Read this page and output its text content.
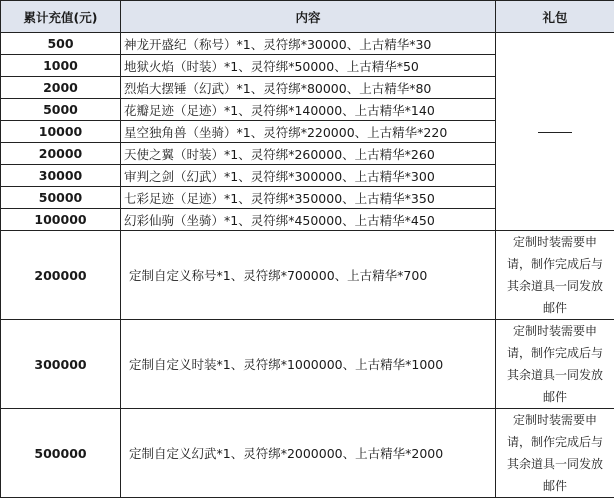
累计充值(元)	内容	礼包
500	神龙开盛纪（称号）*1、灵符绑*30000、上古精华*30	
1000	地狱火焰（时装）*1、灵符绑*50000、上古精华*50	
2000	烈焰大摆锤（幻武）*1、灵符绑*80000、上古精华*80	
5000	花瓣足迹（足迹）*1、灵符绑*140000、上古精华*140	
10000	星空独角兽（坐骑）*1、灵符绑*220000、上古精华*220	
20000	天使之翼（时装）*1、灵符绑*260000、上古精华*260	
30000	审判之剑（幻武）*1、灵符绑*300000、上古精华*300	
50000	七彩足迹（足迹）*1、灵符绑*350000、上古精华*350	
100000	幻彩仙驹（坐骑）*1、灵符绑*450000、上古精华*450	
200000	定制自定义称号*1、灵符绑*700000、上古精华*700	定制时装需要申
请，制作完成后与
其余道具一同发放
邮件

300000	定制自定义时装*1、灵符绑*1000000、上古精华*1000	定制时装需要申
请，制作完成后与
其余道具一同发放
邮件

500000	定制自定义幻武*1、灵符绑*2000000、上古精华*2000	定制时装需要申
请，制作完成后与
其余道具一同发放
邮件
